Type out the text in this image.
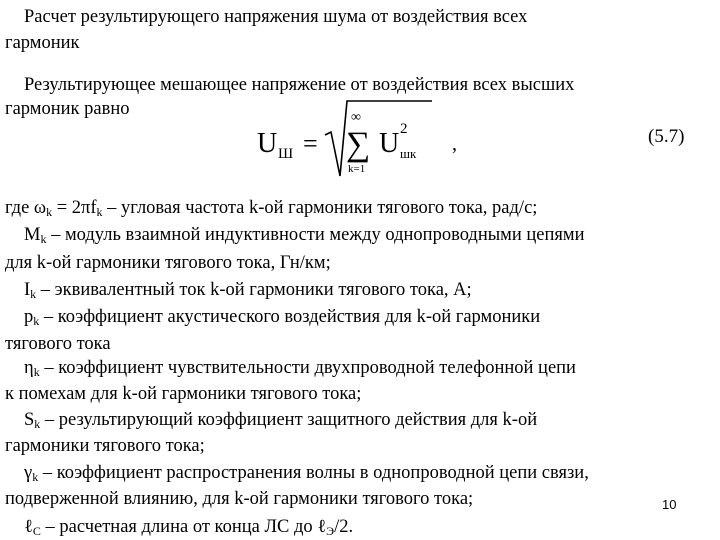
Расчет результирующего напряжения шума от воздействия всех
гармоник
Результирующее мешающее напряжение от воздействия всех высших
гармоник равно
U Ш = ∑
∞
k=1
U 2
шк ,	(5.7)
где $\omega_k = 2\pi f_k$ – угловая частота k-ой гармоники тягового тока, рад/с;
$M_k$ – модуль взаимной индуктивности между однопроводными цепями
для k-ой гармоники тягового тока, Гн/км;
$I_k$ – эквивалентный ток k-ой гармоники тягового тока, А;
$p_k$ – коэффициент акустического воздействия для k-ой гармоники
тягового тока
$\eta_k$ – коэффициент чувствительности двухпроводной телефонной цепи
к помехам для k-ой гармоники тягового тока;
$S_k$ – результирующий коэффициент защитного действия для k-ой
гармоники тягового тока;
$\gamma_k$ – коэффициент распространения волны в однопроводной цепи связи,
подверженной влиянию, для k-ой гармоники тягового тока;
ℓ$_С$ – расчетная длина от конца ЛС до ℓ$_Э$/2.
10
